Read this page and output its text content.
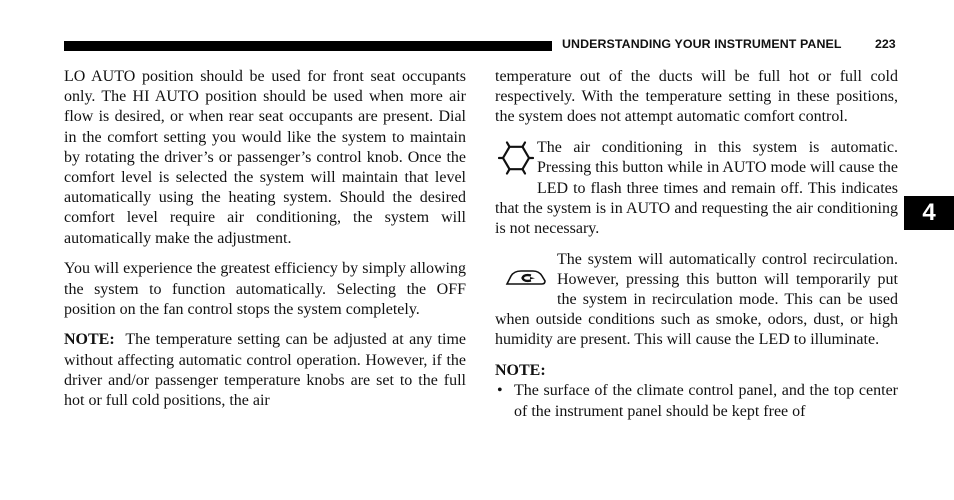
UNDERSTANDING YOUR INSTRUMENT PANEL	223
4

LO AUTO position should be used for front seat occupants only. The HI AUTO position should be used when more air flow is desired, or when rear seat occupants are present. Dial in the comfort setting you would like the system to maintain by rotating the driver’s or passenger’s control knob. Once the comfort level is selected the system will maintain that level automatically using the heating system. Should the desired comfort level require air conditioning, the system will automatically make the adjustment.

You will experience the greatest efficiency by simply allowing the system to function automatically. Selecting the OFF position on the fan control stops the system completely.

NOTE: The temperature setting can be adjusted at any time without affecting automatic control operation. However, if the driver and/or passenger temperature knobs are set to the full hot or full cold positions, the air

temperature out of the ducts will be full hot or full cold respectively. With the temperature setting in these positions, the system does not attempt automatic comfort control.

The air conditioning in this system is automatic. Pressing this button while in AUTO mode will cause the LED to flash three times and remain off. This indicates that the system is in AUTO and requesting the air conditioning is not necessary.

The system will automatically control recirculation. However, pressing this button will temporarily put the system in recirculation mode. This can be used when outside conditions such as smoke, odors, dust, or high humidity are present. This will cause the LED to illuminate.

NOTE:

• The surface of the climate control panel, and the top center of the instrument panel should be kept free of
